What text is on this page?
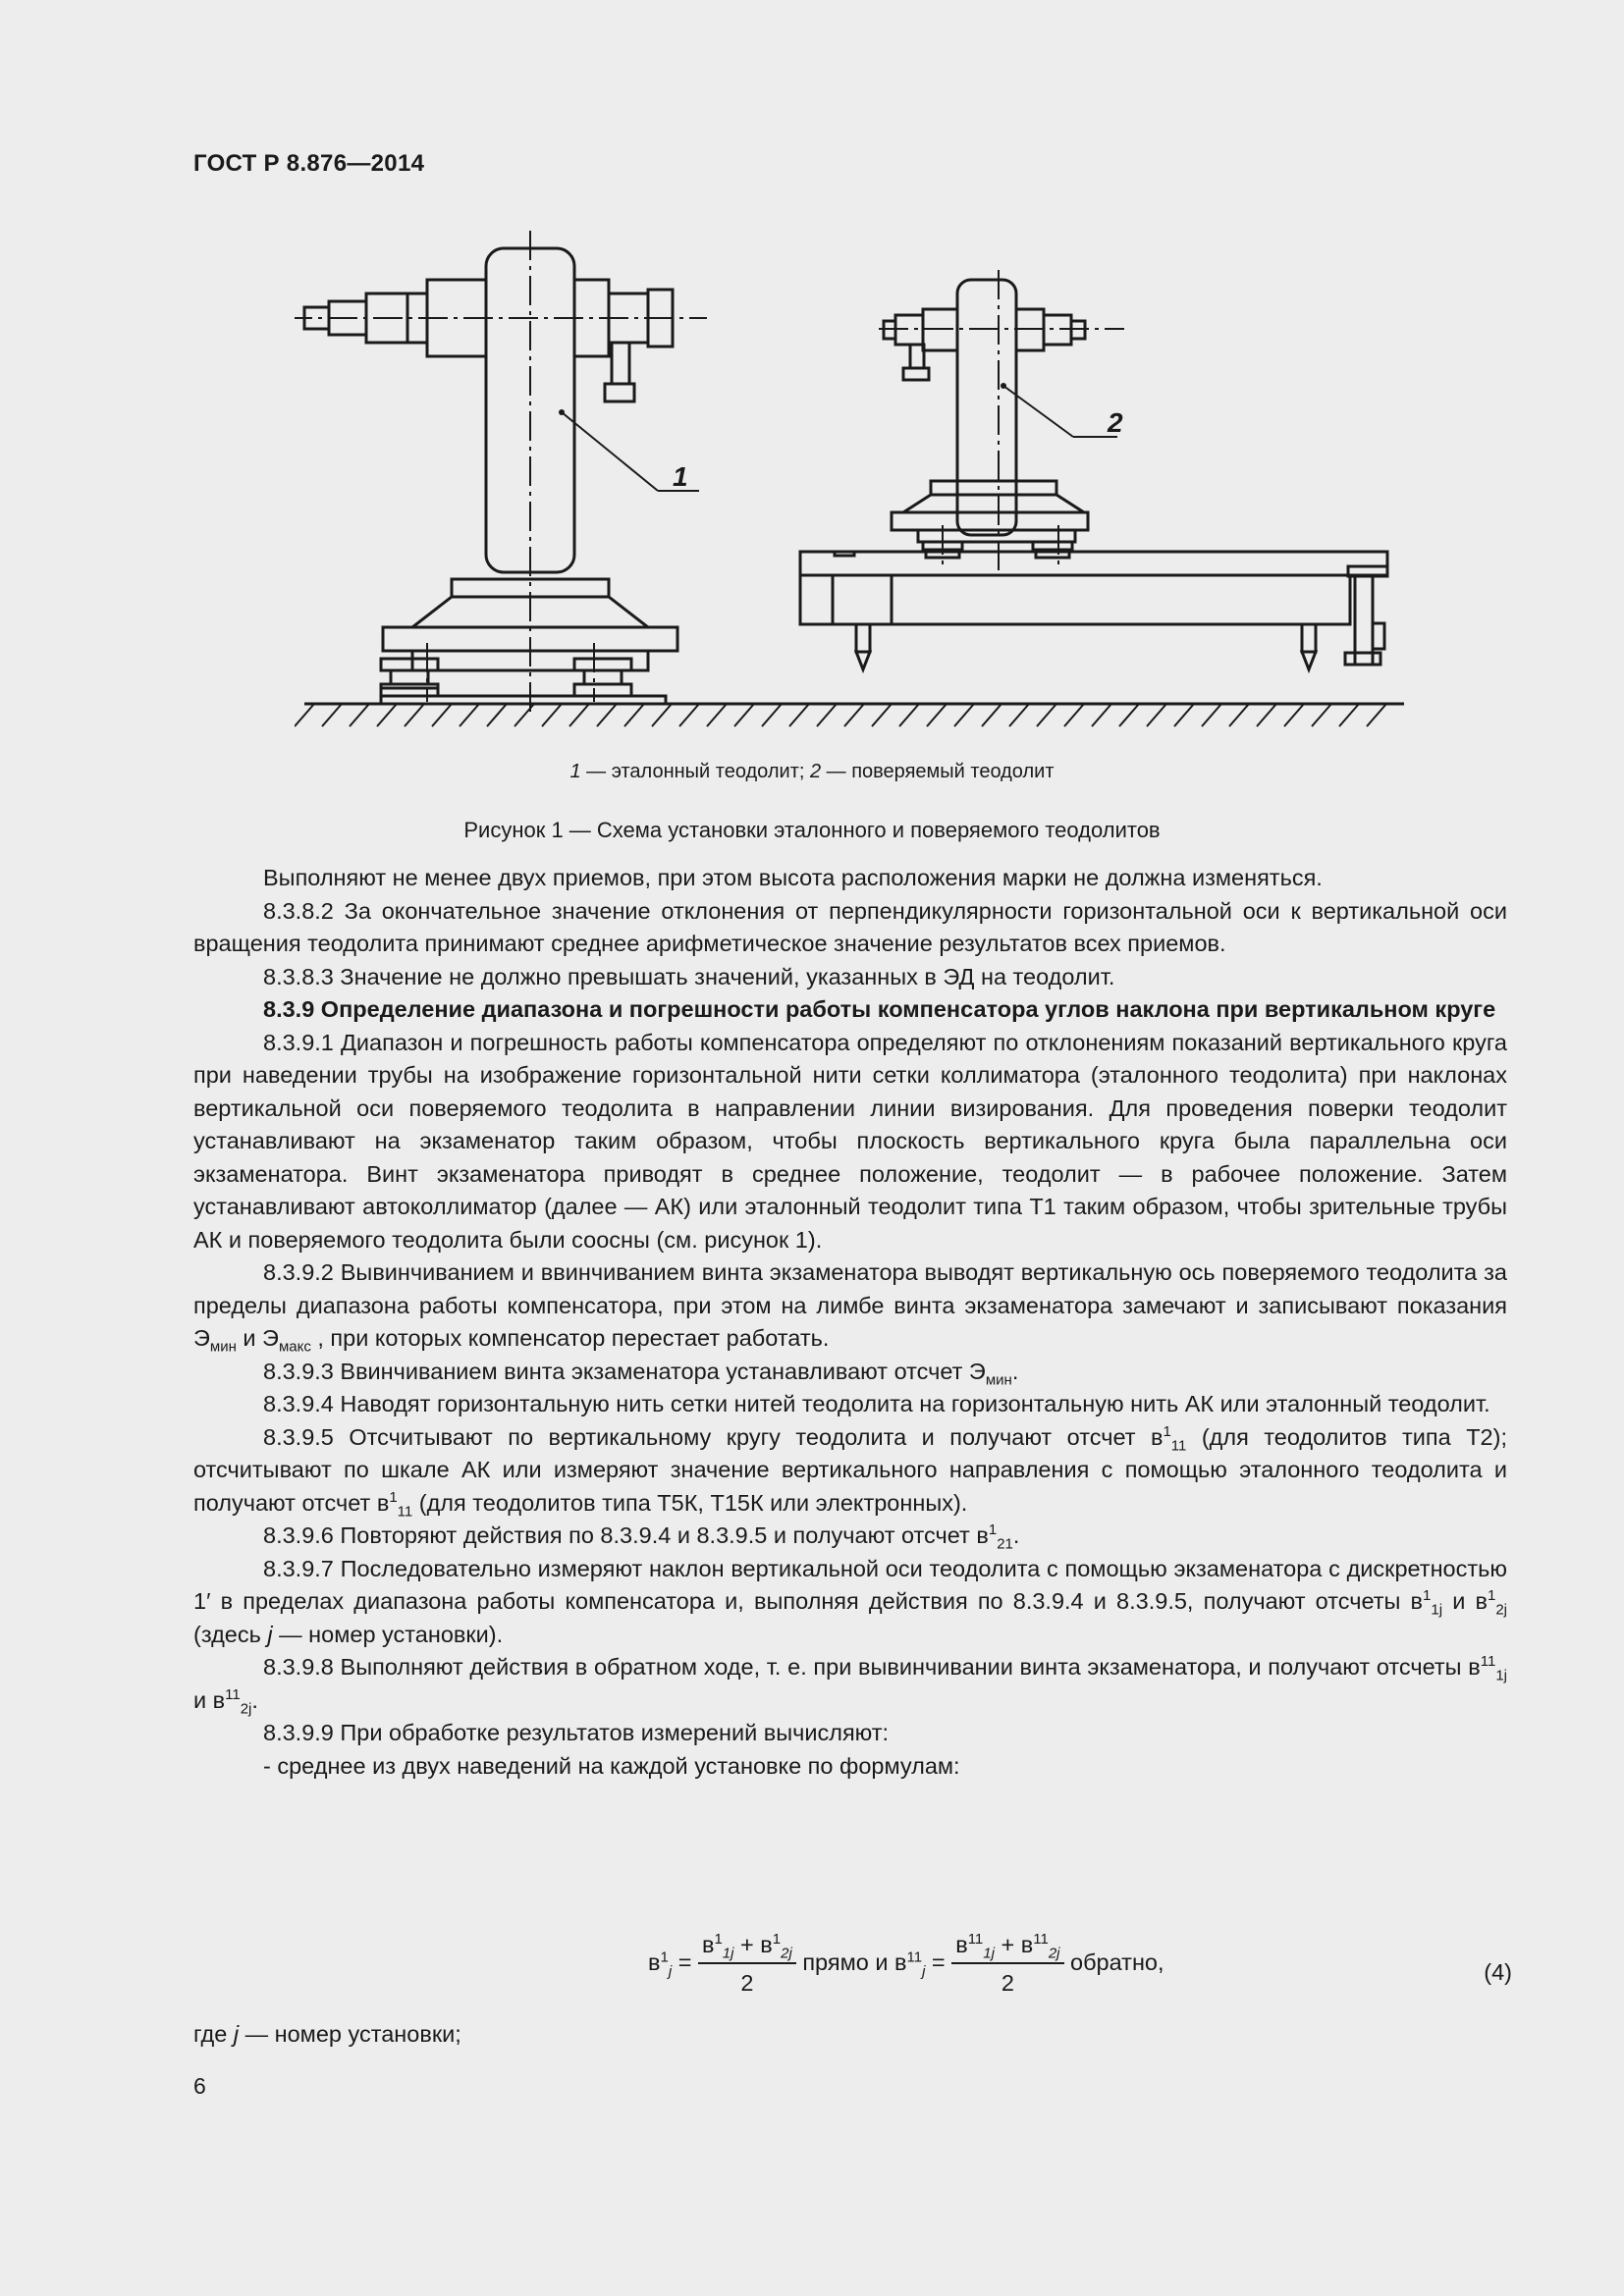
ГОСТ Р 8.876—2014
1
2
1 — эталонный теодолит; 2 — поверяемый теодолит
Рисунок 1 — Схема установки эталонного и поверяемого теодолитов

Выполняют не менее двух приемов, при этом высота расположения марки не должна изменяться.

8.3.8.2 За окончательное значение отклонения от перпендикулярности горизонтальной оси к вертикальной оси вращения теодолита принимают среднее арифметическое значение результатов всех приемов.

8.3.8.3 Значение не должно превышать значений, указанных в ЭД на теодолит.

8.3.9 Определение диапазона и погрешности работы компенсатора углов наклона при вертикальном круге

8.3.9.1 Диапазон и погрешность работы компенсатора определяют по отклонениям показаний вертикального круга при наведении трубы на изображение горизонтальной нити сетки коллиматора (эталонного теодолита) при наклонах вертикальной оси поверяемого теодолита в направлении линии визирования. Для проведения поверки теодолит устанавливают на экзаменатор таким образом, чтобы плоскость вертикального круга была параллельна оси экзаменатора. Винт экзаменатора приводят в среднее положение, теодолит — в рабочее положение. Затем устанавливают автоколлиматор (далее — АК) или эталонный теодолит типа Т1 таким образом, чтобы зрительные трубы АК и поверяемого теодолита были соосны (см. рисунок 1).

8.3.9.2 Вывинчиванием и ввинчиванием винта экзаменатора выводят вертикальную ось поверяемого теодолита за пределы диапазона работы компенсатора, при этом на лимбе винта экзаменатора замечают и записывают показания $Э_{мин}$ и $Э_{макс}$ , при которых компенсатор перестает работать.

8.3.9.3 Ввинчиванием винта экзаменатора устанавливают отсчет $Э_{мин}$.

8.3.9.4 Наводят горизонтальную нить сетки нитей теодолита на горизонтальную нить АК или эталонный теодолит.

8.3.9.5 Отсчитывают по вертикальному кругу теодолита и получают отсчет $в^1_{11}$ (для теодолитов типа Т2); отсчитывают по шкале АК или измеряют значение вертикального направления с помощью эталонного теодолита и получают отсчет $в^1_{11}$ (для теодолитов типа Т5К, Т15К или электронных).

8.3.9.6 Повторяют действия по 8.3.9.4 и 8.3.9.5 и получают отсчет $в^1_{21}$.

8.3.9.7 Последовательно измеряют наклон вертикальной оси теодолита с помощью экзаменатора с дискретностью 1′ в пределах диапазона работы компенсатора и, выполняя действия по 8.3.9.4 и 8.3.9.5, получают отсчеты $в^1_{1j}$ и $в^1_{2j}$ (здесь j — номер установки).

8.3.9.8 Выполняют действия в обратном ходе, т. е. при вывинчивании винта экзаменатора, и получают отсчеты $в^{11}_{1j}$ и $в^{11}_{2j}$.

8.3.9.9 При обработке результатов измерений вычисляют:

- среднее из двух наведений на каждой установке по формулам:

$в^1_j = \frac{в^1_{1j} + в^1_{2j}}{2}$ прямо и $в^{11}_j = \frac{в^{11}_{1j} + в^{11}_{2j}}{2}$ обратно,	(4)
где j — номер установки;
6
